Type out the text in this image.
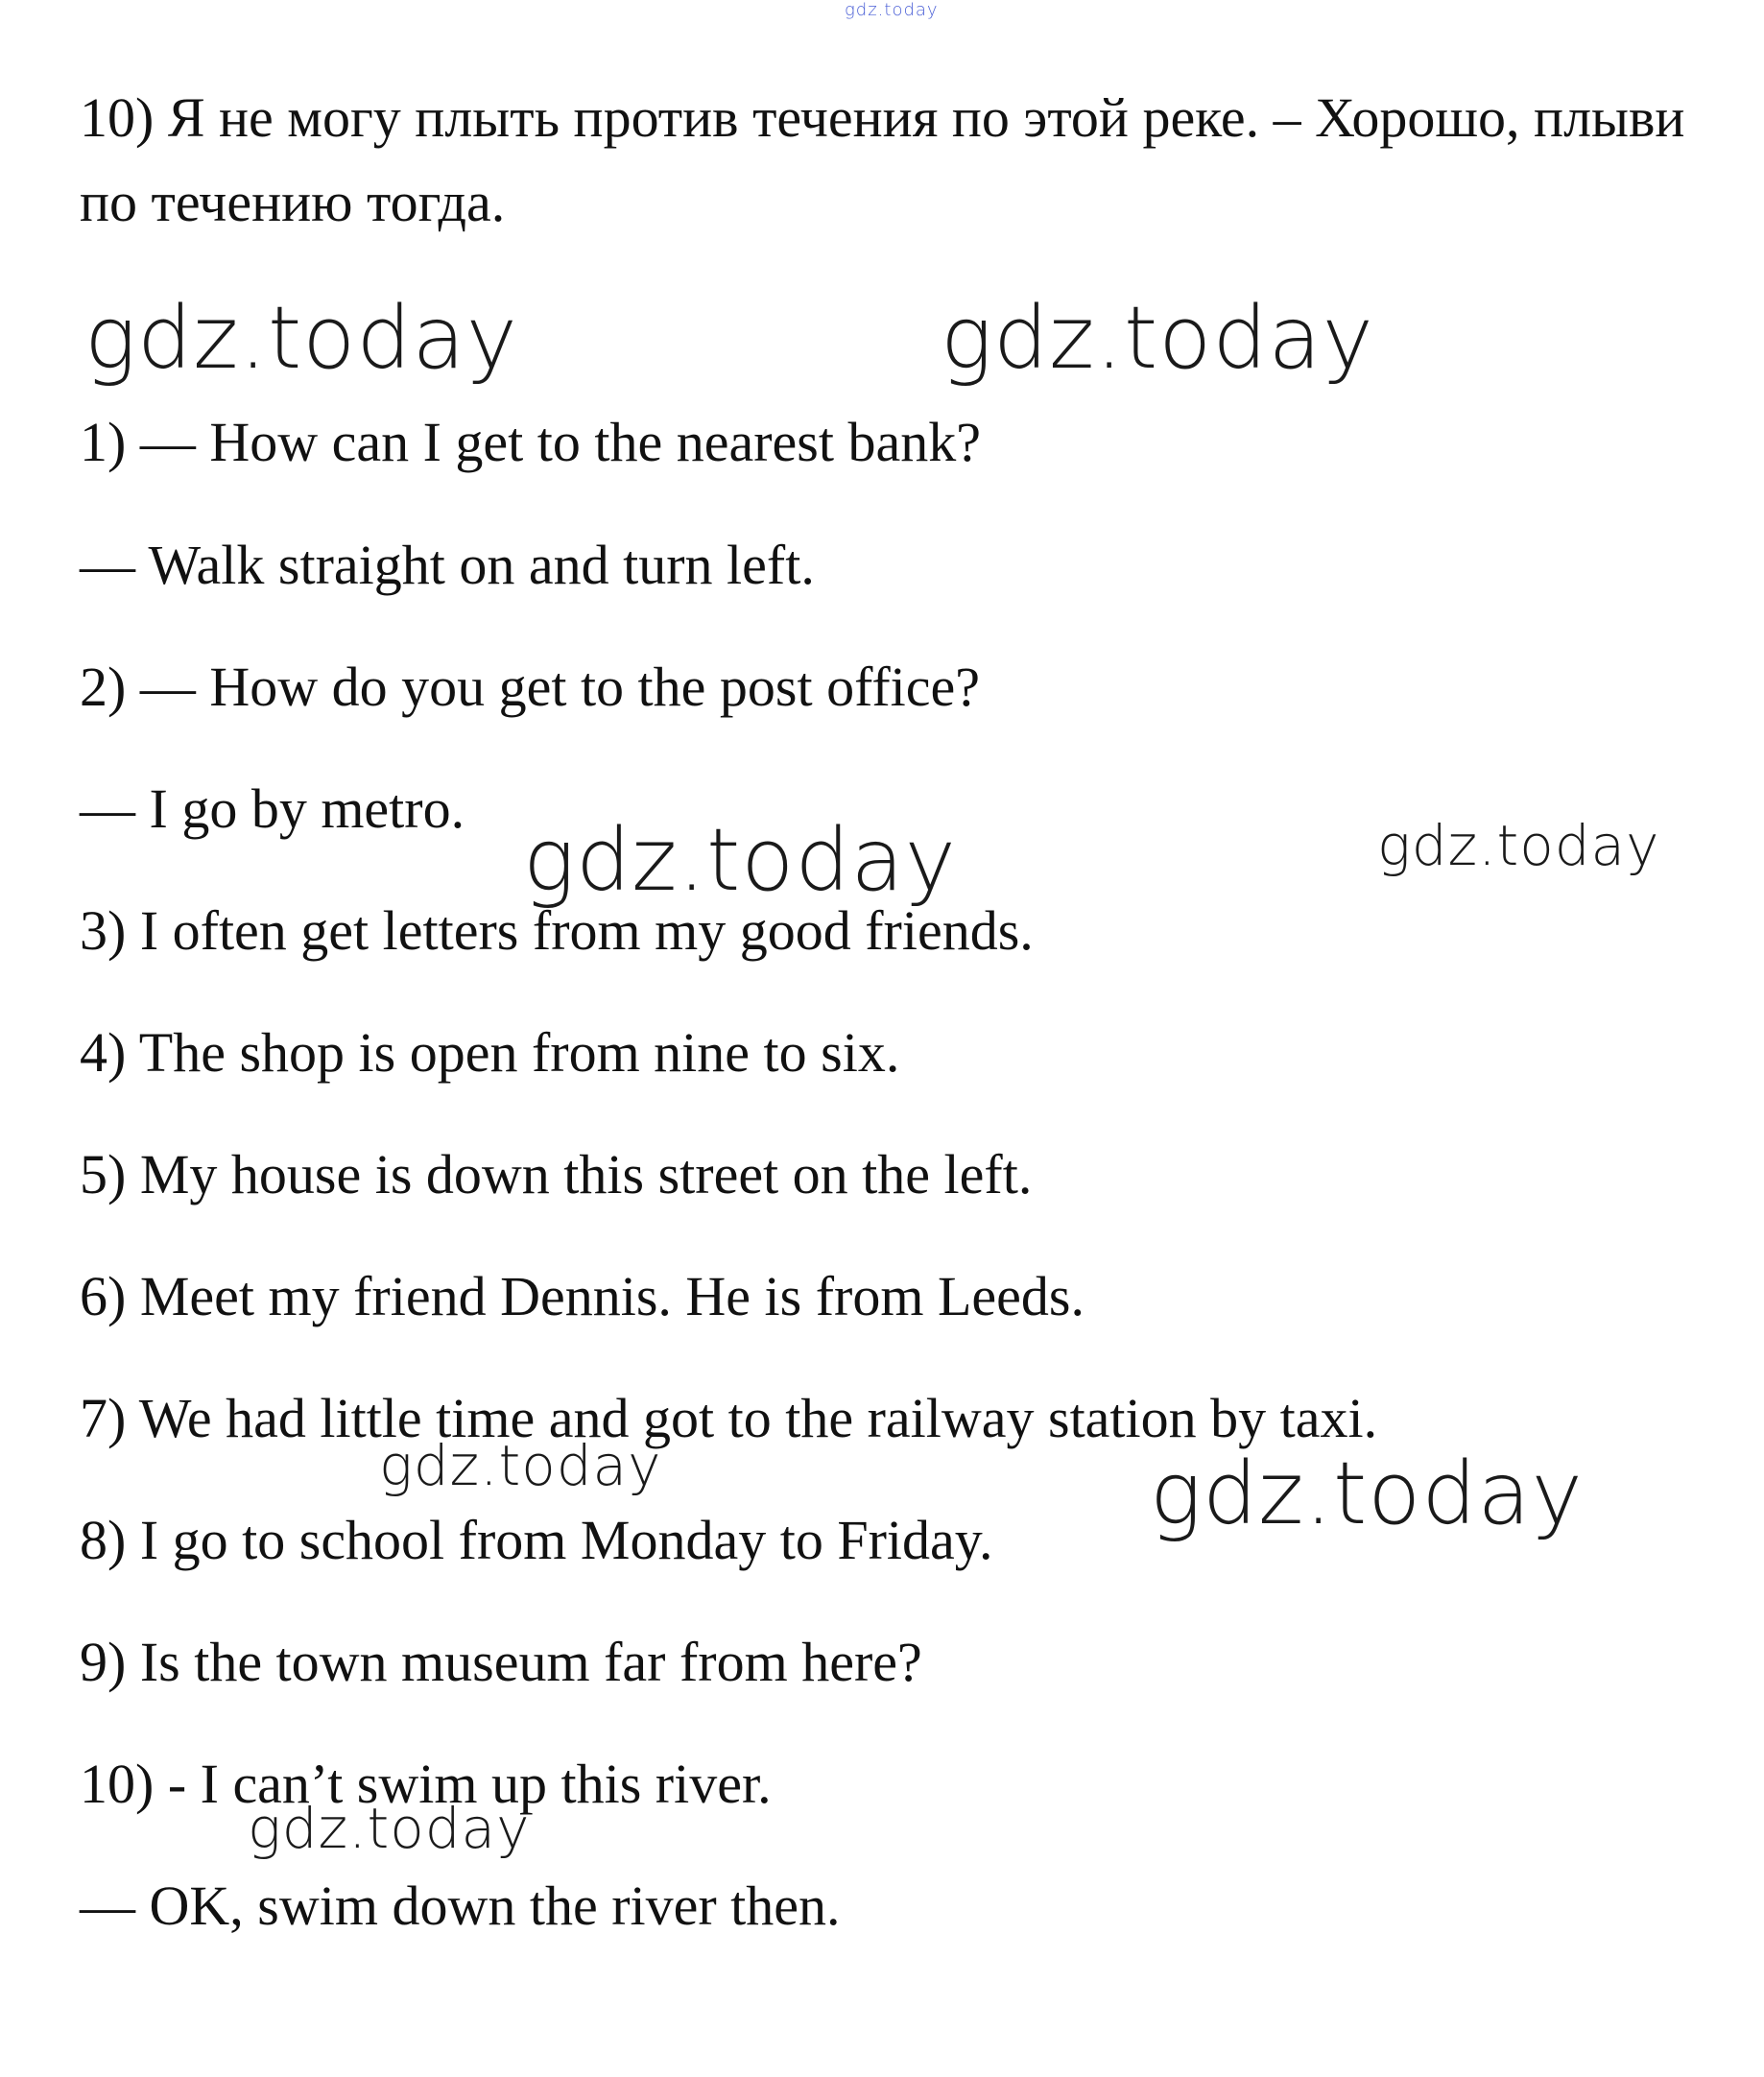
gdz.today
10) Я не могу плыть против течения по этой реке. – Хорошо, плыви
по течению тогда.
1) — How can I get to the nearest bank?
— Walk straight on and turn left.
2) — How do you get to the post office?
— I go by metro.
3) I often get letters from my good friends.
4) The shop is open from nine to six.
5) My house is down this street on the left.
6) Meet my friend Dennis. He is from Leeds.
7) We had little time and got to the railway station by taxi.
8) I go to school from Monday to Friday.
9) Is the town museum far from here?
10) - I can’t swim up this river.
— OK, swim down the river then.
gdz.today	gdz.today
gdz.today	gdz.today
gdz.today	gdz.today
gdz.today
